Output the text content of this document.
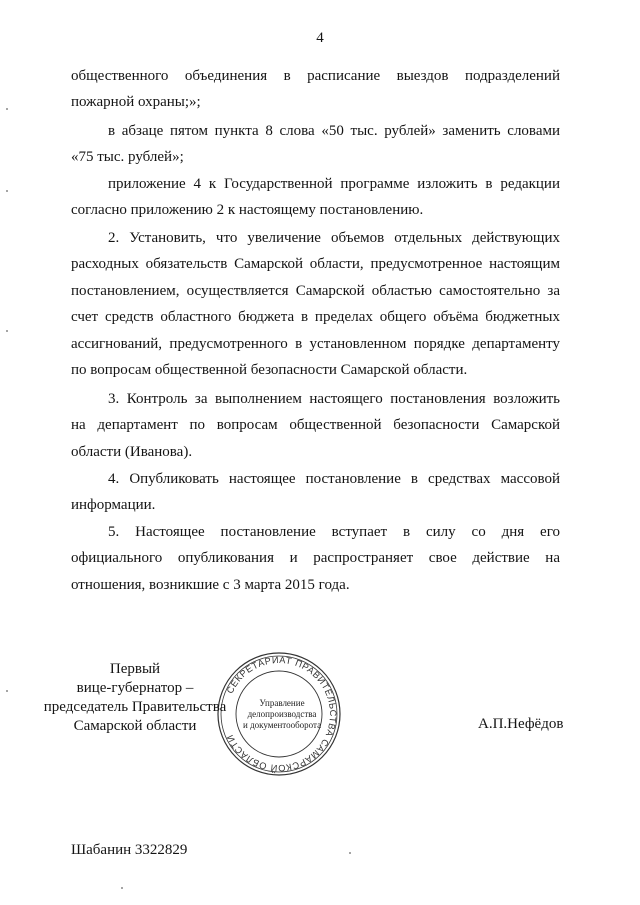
4
общественного объединения в расписание выездов подразделений
пожарной охраны;»;
в абзаце пятом пункта 8 слова «50 тыс. рублей» заменить словами
«75 тыс. рублей»;
приложение 4 к Государственной программе изложить в редакции
согласно приложению 2 к настоящему постановлению.
2. Установить, что увеличение объемов отдельных действующих
расходных обязательств Самарской области, предусмотренное настоящим
постановлением, осуществляется Самарской областью самостоятельно за
счет средств областного бюджета в пределах общего объёма бюджетных
ассигнований, предусмотренного в установленном порядке департаменту
по вопросам общественной безопасности Самарской области.
3. Контроль за выполнением настоящего постановления возложить
на департамент по вопросам общественной безопасности Самарской
области (Иванова).
4. Опубликовать настоящее постановление в средствах массовой
информации.
5. Настоящее постановление вступает в силу со дня его
официального опубликования и распространяет свое действие на
отношения, возникшие с 3 марта 2015 года.
СЕКРЕТАРИАТ ПРАВИТЕЛЬСТВА САМАРСКОЙ ОБЛАСТИ
Управление
делопроизводства
и документооборота
Первый
вице-губернатор –
председатель Правительства
Самарской области	А.П.Нефёдов
Шабанин 3322829
